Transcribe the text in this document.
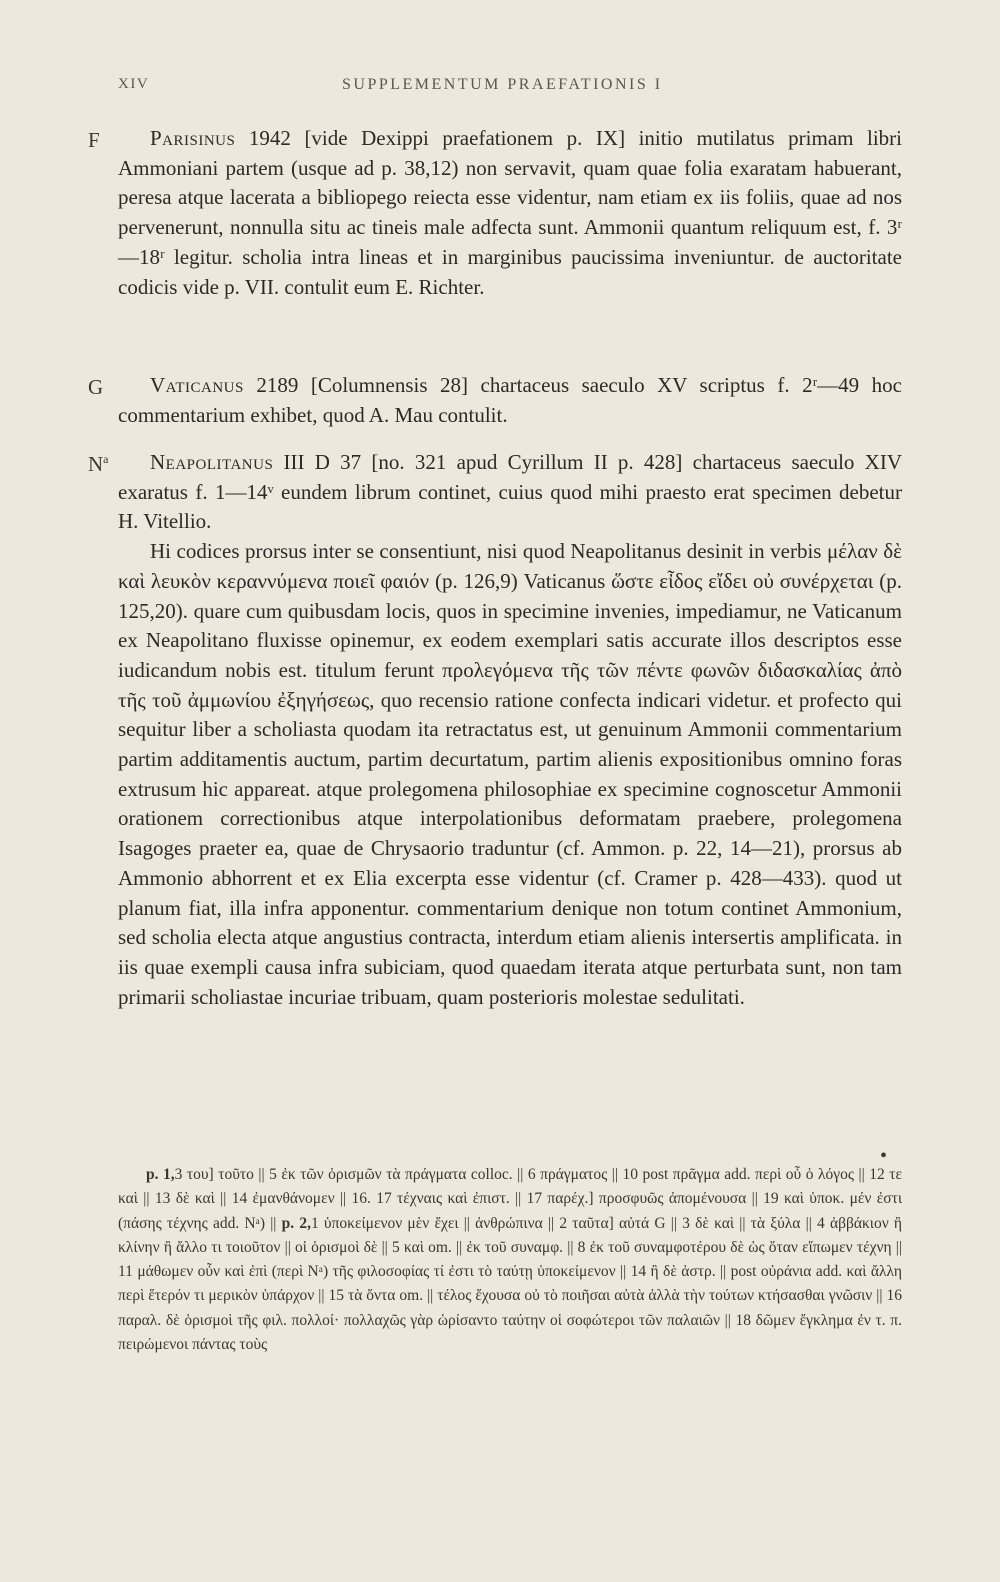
XIV	SUPPLEMENTUM PRAEFATIONIS I
F
G
$N^a$

Parisinus 1942 [vide Dexippi praefationem p. IX] initio mutilatus primam libri Ammoniani partem (usque ad p. 38,12) non servavit, quam quae folia exaratam habuerant, peresa atque lacerata a bibliopego reiecta esse videntur, nam etiam ex iis foliis, quae ad nos pervenerunt, nonnulla situ ac tineis male adfecta sunt. Ammonii quantum reliquum est, f. 3ʳ—18ʳ legitur. scholia intra lineas et in marginibus paucissima inveniuntur. de auctoritate codicis vide p. VII. contulit eum E. Richter.

Vaticanus 2189 [Columnensis 28] chartaceus saeculo XV scriptus f. 2ʳ—49 hoc commentarium exhibet, quod A. Mau contulit.

Neapolitanus III D 37 [no. 321 apud Cyrillum II p. 428] chartaceus saeculo XIV exaratus f. 1—14ᵛ eundem librum continet, cuius quod mihi praesto erat specimen debetur H. Vitellio.

Hi codices prorsus inter se consentiunt, nisi quod Neapolitanus desinit in verbis μέλαν δὲ καὶ λευκὸν κεραννύμενα ποιεῖ φαιόν (p. 126,9) Vaticanus ὥστε εἶδος εἴδει οὐ συνέρχεται (p. 125,20). quare cum quibusdam locis, quos in specimine invenies, impediamur, ne Vaticanum ex Neapolitano fluxisse opinemur, ex eodem exemplari satis accurate illos descriptos esse iudicandum nobis est. titulum ferunt προλεγόμενα τῆς τῶν πέντε φωνῶν διδασκαλίας ἀπὸ τῆς τοῦ ἀμμωνίου ἐξηγήσεως, quo recensio ratione confecta indicari videtur. et profecto qui sequitur liber a scholiasta quodam ita retractatus est, ut genuinum Ammonii commentarium partim additamentis auctum, partim decurtatum, partim alienis expositionibus omnino foras extrusum hic appareat. atque prolegomena philosophiae ex specimine cognoscetur Ammonii orationem correctionibus atque interpolationibus deformatam praebere, prolegomena Isagoges praeter ea, quae de Chrysaorio traduntur (cf. Ammon. p. 22, 14—21), prorsus ab Ammonio abhorrent et ex Elia excerpta esse videntur (cf. Cramer p. 428—433). quod ut planum fiat, illa infra apponentur. commentarium denique non totum continet Ammonium, sed scholia electa atque angustius contracta, interdum etiam alienis intersertis amplificata. in iis quae exempli causa infra subiciam, quod quaedam iterata atque perturbata sunt, non tam primarii scholiastae incuriae tribuam, quam posterioris molestae sedulitati.

•

p. 1,3 του] τοῦτο || 5 ἐκ τῶν ὁρισμῶν τὰ πράγματα colloc. || 6 πράγματος || 10 post πρᾶγμα add. περὶ οὗ ὁ λόγος || 12 τε καὶ || 13 δὲ καὶ || 14 ἐμανθάνομεν || 16. 17 τέχναις καὶ ἐπιστ. || 17 παρέχ.] προσφυῶς ἀπομένουσα || 19 καὶ ὑποκ. μέν ἐστι (πάσης τέχνης add. Nᵃ) || p. 2,1 ὑποκείμενον μὲν ἔχει || ἀνθρώπινα || 2 ταῦτα] αὐτά G || 3 δὲ καὶ || τὰ ξύλα || 4 ἀββάκιον ἢ κλίνην ἢ ἄλλο τι τοιοῦτον || οἱ ὁρισμοὶ δὲ || 5 καὶ om. || ἐκ τοῦ συναμφ. || 8 ἐκ τοῦ συναμφοτέρου δὲ ὡς ὅταν εἴπωμεν τέχνη || 11 μάθωμεν οὖν καὶ ἐπὶ (περὶ Nᵃ) τῆς φιλοσοφίας τί ἐστι τὸ ταύτῃ ὑποκείμενον || 14 ἢ δὲ ἀστρ. || post οὐράνια add. καὶ ἄλλη περὶ ἕτερόν τι μερικὸν ὑπάρχον || 15 τὰ ὄντα om. || τέλος ἔχουσα οὐ τὸ ποιῆσαι αὐτὰ ἀλλὰ τὴν τούτων κτήσασθαι γνῶσιν || 16 παραλ. δὲ ὁρισμοὶ τῆς φιλ. πολλοί· πολλαχῶς γὰρ ὡρίσαντο ταύτην οἱ σοφώτεροι τῶν παλαιῶν || 18 δῶμεν ἔγκλημα ἐν τ. π. πειρώμενοι πάντας τοὺς
